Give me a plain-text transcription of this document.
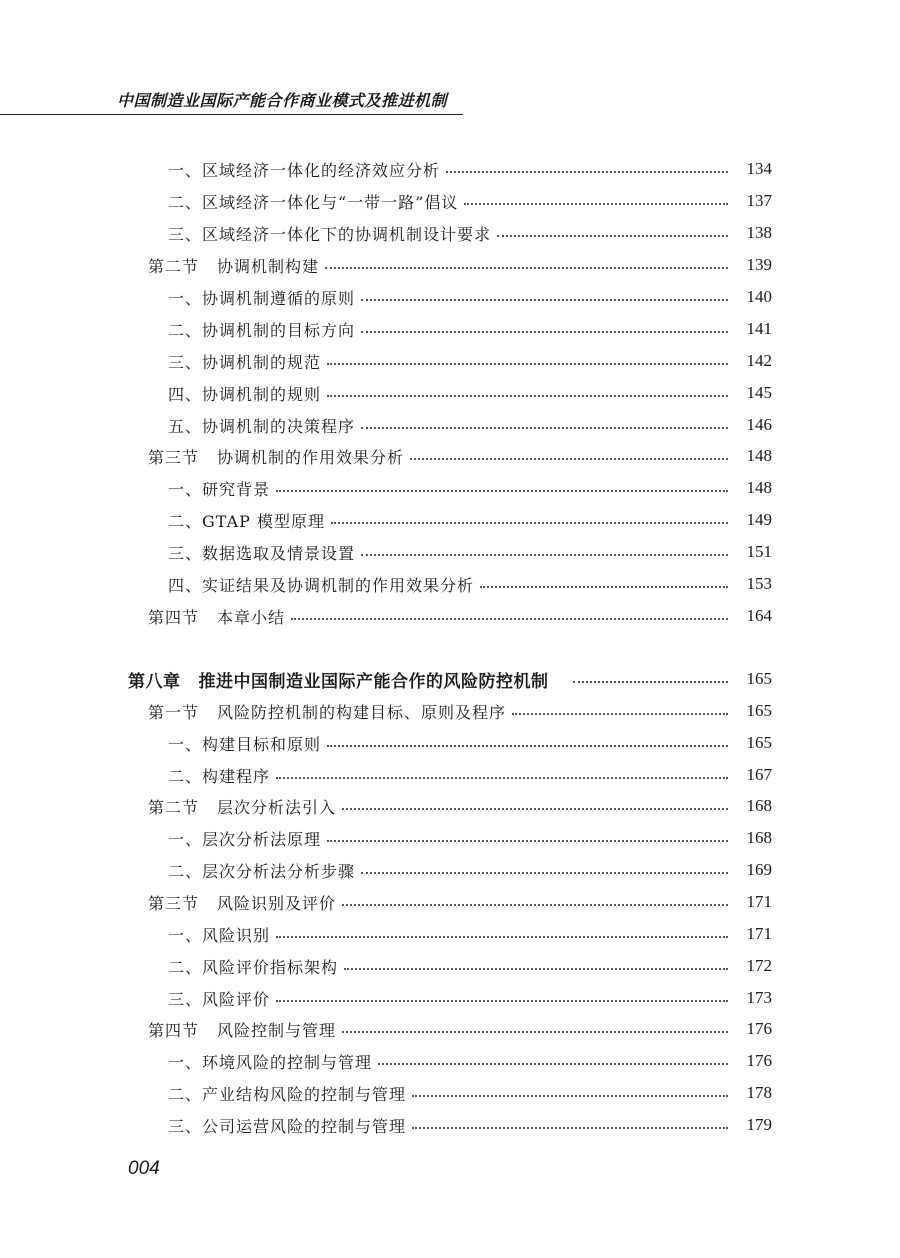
中国制造业国际产能合作商业模式及推进机制
一、区域经济一体化的经济效应分析	134
二、区域经济一体化与“一带一路”倡议	137
三、区域经济一体化下的协调机制设计要求	138
第二节 协调机制构建	139
一、协调机制遵循的原则	140
二、协调机制的目标方向	141
三、协调机制的规范	142
四、协调机制的规则	145
五、协调机制的决策程序	146
第三节 协调机制的作用效果分析	148
一、研究背景	148
二、GTAP 模型原理	149
三、数据选取及情景设置	151
四、实证结果及协调机制的作用效果分析	153
第四节 本章小结	164
第八章 推进中国制造业国际产能合作的风险防控机制	165
第一节 风险防控机制的构建目标、原则及程序	165
一、构建目标和原则	165
二、构建程序	167
第二节 层次分析法引入	168
一、层次分析法原理	168
二、层次分析法分析步骤	169
第三节 风险识别及评价	171
一、风险识别	171
二、风险评价指标架构	172
三、风险评价	173
第四节 风险控制与管理	176
一、环境风险的控制与管理	176
二、产业结构风险的控制与管理	178
三、公司运营风险的控制与管理	179
004
